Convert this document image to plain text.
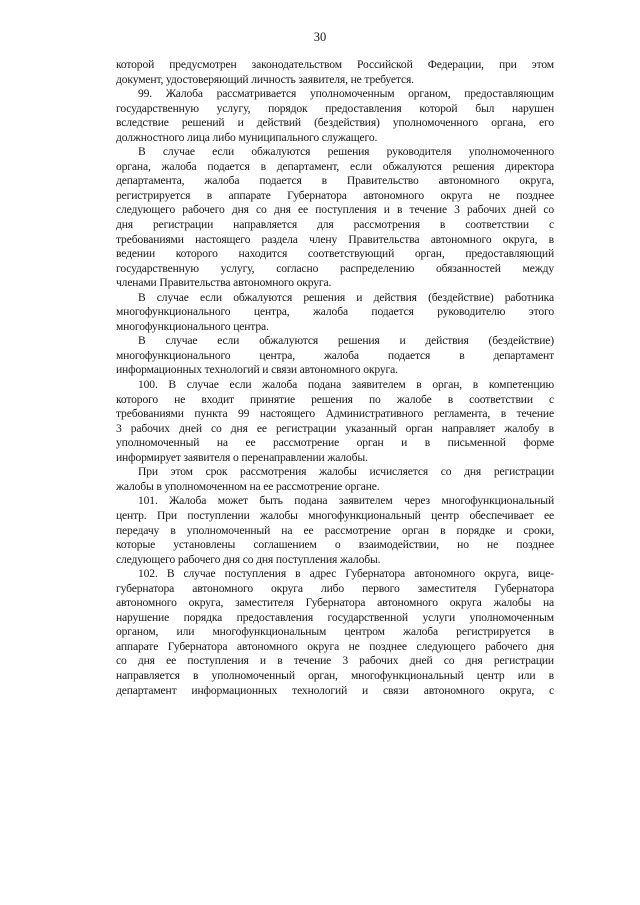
30
которой предусмотрен законодательством Российской Федерации, при этом
документ, удостоверяющий личность заявителя, не требуется.
99. Жалоба рассматривается уполномоченным органом, предоставляющим
государственную услугу, порядок предоставления которой был нарушен
вследствие решений и действий (бездействия) уполномоченного органа, его
должностного лица либо муниципального служащего.
В случае если обжалуются решения руководителя уполномоченного
органа, жалоба подается в департамент, если обжалуются решения директора
департамента, жалоба подается в Правительство автономного округа,
регистрируется в аппарате Губернатора автономного округа не позднее
следующего рабочего дня со дня ее поступления и в течение 3 рабочих дней со
дня регистрации направляется для рассмотрения в соответствии с
требованиями настоящего раздела члену Правительства автономного округа, в
ведении которого находится соответствующий орган, предоставляющий
государственную услугу, согласно распределению обязанностей между
членами Правительства автономного округа.
В случае если обжалуются решения и действия (бездействие) работника
многофункционального центра, жалоба подается руководителю этого
многофункционального центра.
В случае если обжалуются решения и действия (бездействие)
многофункционального центра, жалоба подается в департамент
информационных технологий и связи автономного округа.
100. В случае если жалоба подана заявителем в орган, в компетенцию
которого не входит принятие решения по жалобе в соответствии с
требованиями пункта 99 настоящего Административного регламента, в течение
3 рабочих дней со дня ее регистрации указанный орган направляет жалобу в
уполномоченный на ее рассмотрение орган и в письменной форме
информирует заявителя о перенаправлении жалобы.
При этом срок рассмотрения жалобы исчисляется со дня регистрации
жалобы в уполномоченном на ее рассмотрение органе.
101. Жалоба может быть подана заявителем через многофункциональный
центр. При поступлении жалобы многофункциональный центр обеспечивает ее
передачу в уполномоченный на ее рассмотрение орган в порядке и сроки,
которые установлены соглашением о взаимодействии, но не позднее
следующего рабочего дня со дня поступления жалобы.
102. В случае поступления в адрес Губернатора автономного округа, вице-
губернатора автономного округа либо первого заместителя Губернатора
автономного округа, заместителя Губернатора автономного округа жалобы на
нарушение порядка предоставления государственной услуги уполномоченным
органом, или многофункциональным центром жалоба регистрируется в
аппарате Губернатора автономного округа не позднее следующего рабочего дня
со дня ее поступления и в течение 3 рабочих дней со дня регистрации
направляется в уполномоченный орган, многофункциональный центр или в
департамент информационных технологий и связи автономного округа, с
